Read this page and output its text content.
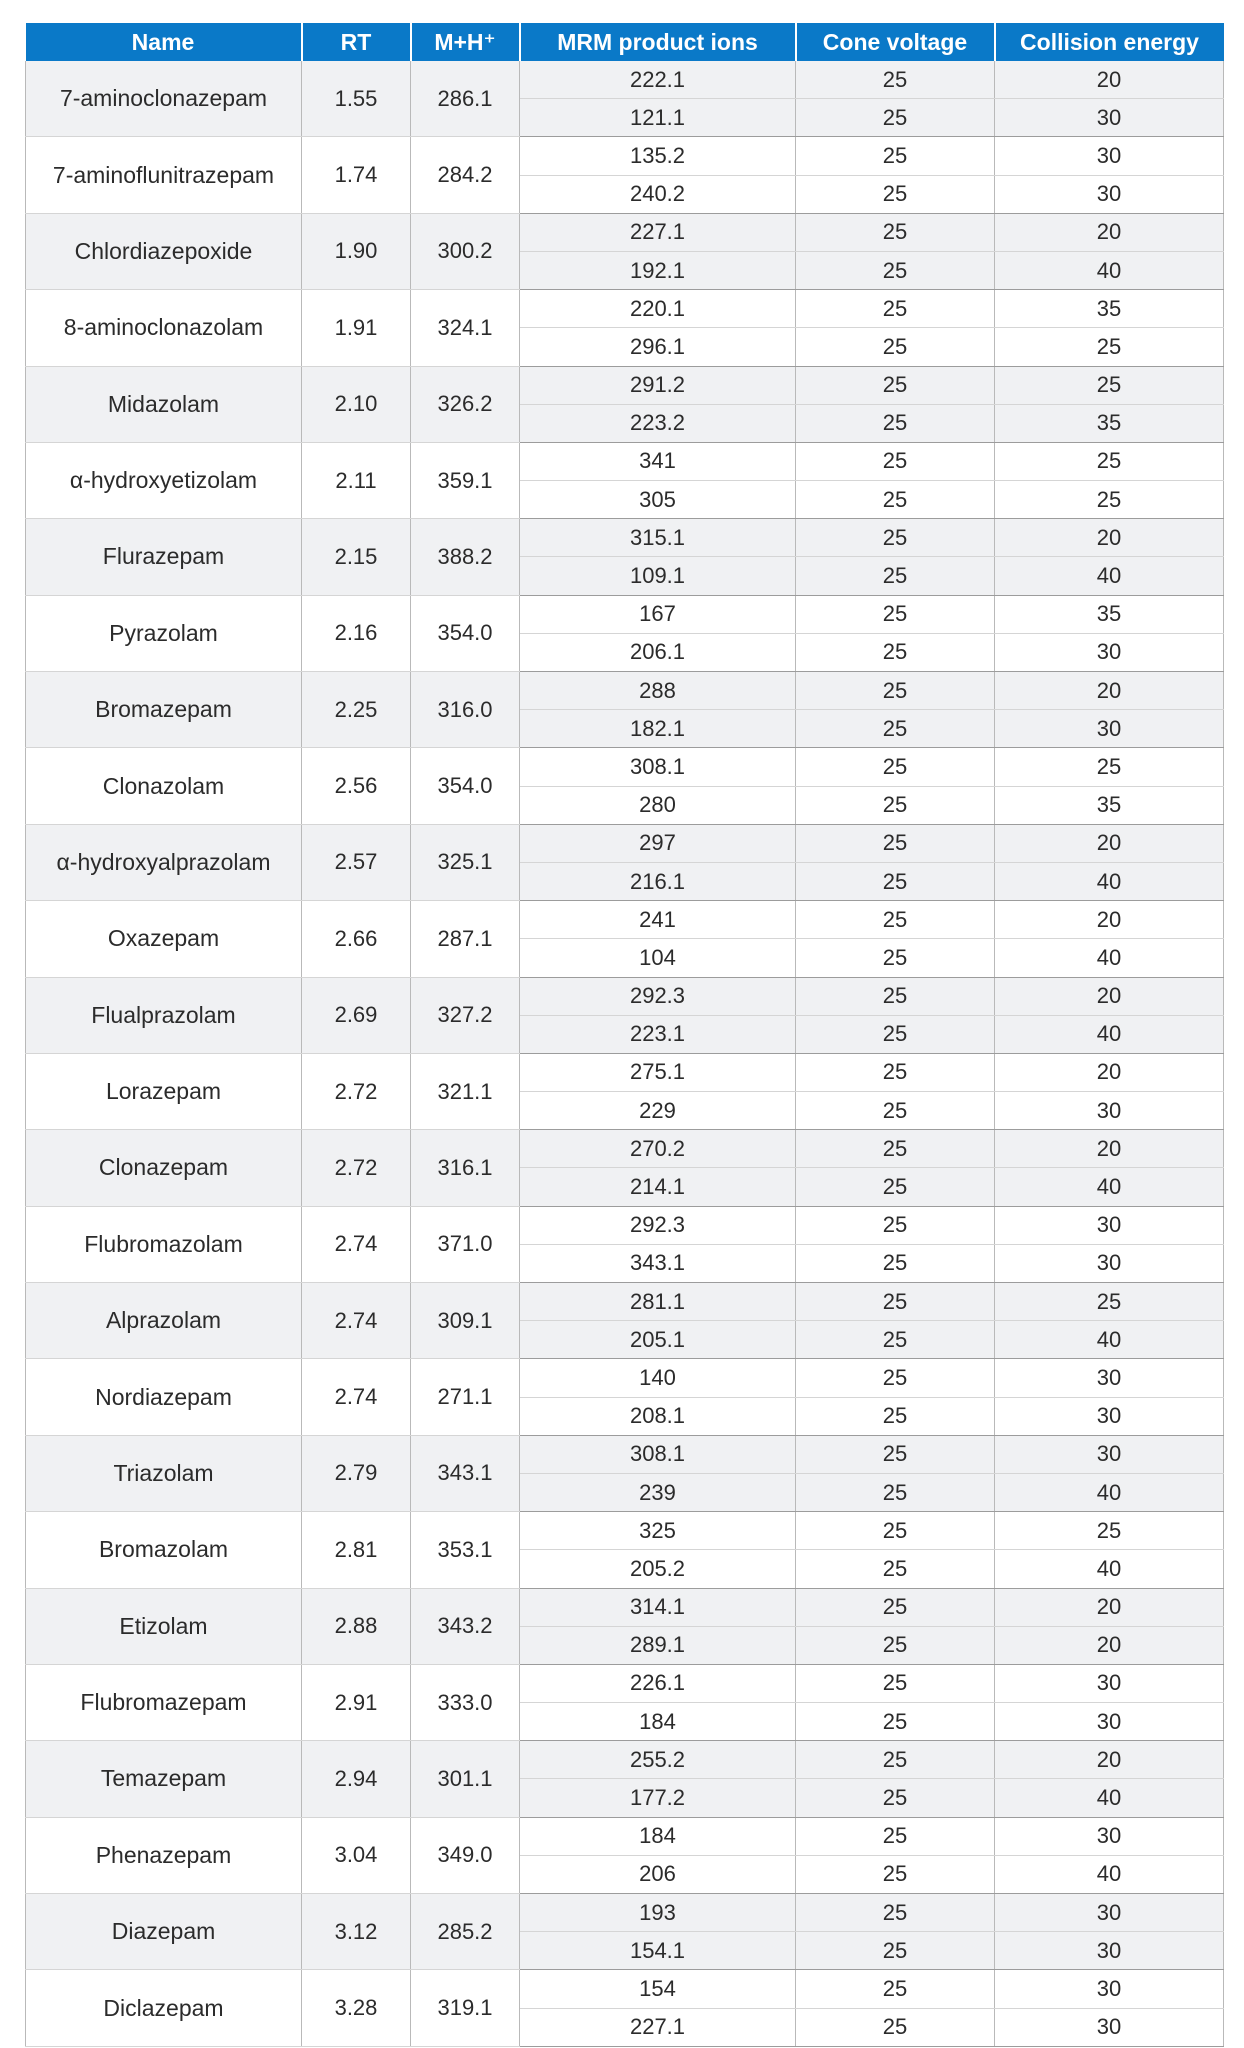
Name	RT	M+H⁺	MRM product ions	Cone voltage	Collision energy
7-aminoclonazepam	1.55	286.1	222.1	25	20
			121.1	25	30
7-aminoflunitrazepam	1.74	284.2	135.2	25	30
			240.2	25	30
Chlordiazepoxide	1.90	300.2	227.1	25	20
			192.1	25	40
8-aminoclonazolam	1.91	324.1	220.1	25	35
			296.1	25	25
Midazolam	2.10	326.2	291.2	25	25
			223.2	25	35
α-hydroxyetizolam	2.11	359.1	341	25	25
			305	25	25
Flurazepam	2.15	388.2	315.1	25	20
			109.1	25	40
Pyrazolam	2.16	354.0	167	25	35
			206.1	25	30
Bromazepam	2.25	316.0	288	25	20
			182.1	25	30
Clonazolam	2.56	354.0	308.1	25	25
			280	25	35
α-hydroxyalprazolam	2.57	325.1	297	25	20
			216.1	25	40
Oxazepam	2.66	287.1	241	25	20
			104	25	40
Flualprazolam	2.69	327.2	292.3	25	20
			223.1	25	40
Lorazepam	2.72	321.1	275.1	25	20
			229	25	30
Clonazepam	2.72	316.1	270.2	25	20
			214.1	25	40
Flubromazolam	2.74	371.0	292.3	25	30
			343.1	25	30
Alprazolam	2.74	309.1	281.1	25	25
			205.1	25	40
Nordiazepam	2.74	271.1	140	25	30
			208.1	25	30
Triazolam	2.79	343.1	308.1	25	30
			239	25	40
Bromazolam	2.81	353.1	325	25	25
			205.2	25	40
Etizolam	2.88	343.2	314.1	25	20
			289.1	25	20
Flubromazepam	2.91	333.0	226.1	25	30
			184	25	30
Temazepam	2.94	301.1	255.2	25	20
			177.2	25	40
Phenazepam	3.04	349.0	184	25	30
			206	25	40
Diazepam	3.12	285.2	193	25	30
			154.1	25	30
Diclazepam	3.28	319.1	154	25	30
			227.1	25	30
